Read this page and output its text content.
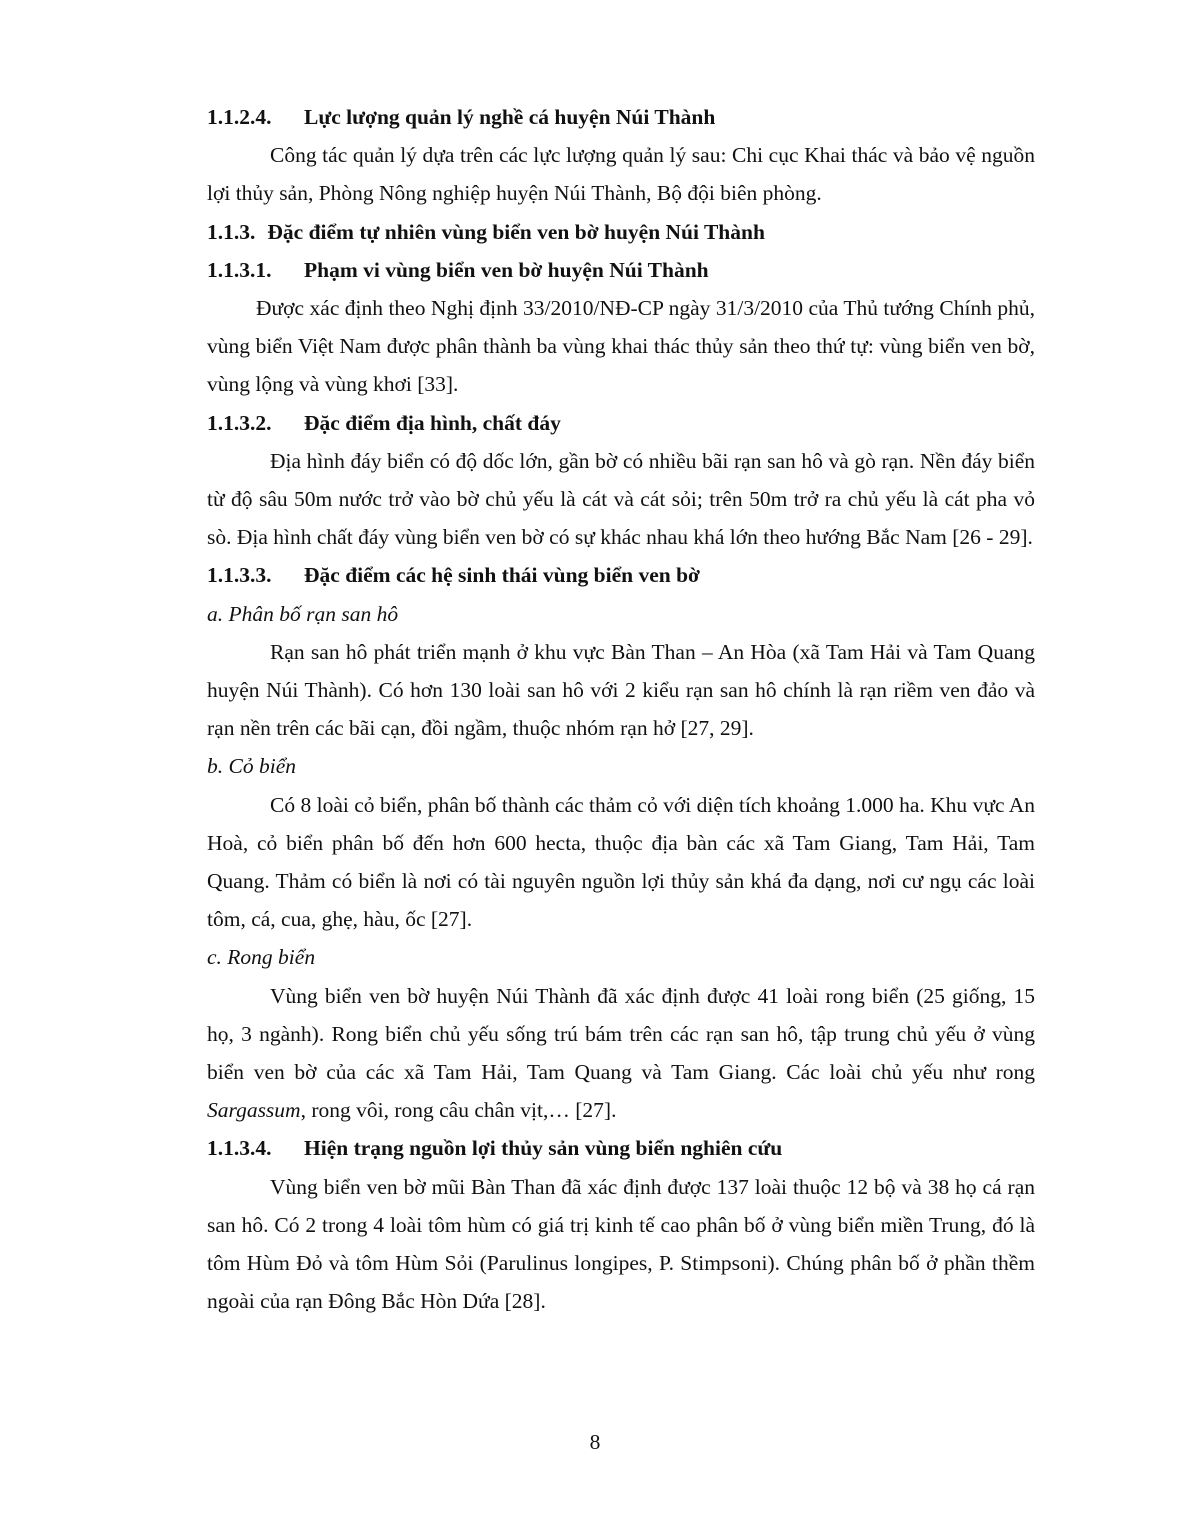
1.1.2.4. Lực lượng quản lý nghề cá huyện Núi Thành

Công tác quản lý dựa trên các lực lượng quản lý sau: Chi cục Khai thác và bảo vệ nguồn lợi thủy sản, Phòng Nông nghiệp huyện Núi Thành, Bộ đội biên phòng.

1.1.3. Đặc điểm tự nhiên vùng biển ven bờ huyện Núi Thành

1.1.3.1. Phạm vi vùng biển ven bờ huyện Núi Thành

Được xác định theo Nghị định 33/2010/NĐ-CP ngày 31/3/2010 của Thủ tướng Chính phủ, vùng biển Việt Nam được phân thành ba vùng khai thác thủy sản theo thứ tự: vùng biển ven bờ, vùng lộng và vùng khơi [33].

1.1.3.2. Đặc điểm địa hình, chất đáy

Địa hình đáy biển có độ dốc lớn, gần bờ có nhiều bãi rạn san hô và gò rạn. Nền đáy biển từ độ sâu 50m nước trở vào bờ chủ yếu là cát và cát sỏi; trên 50m trở ra chủ yếu là cát pha vỏ sò. Địa hình chất đáy vùng biển ven bờ có sự khác nhau khá lớn theo hướng Bắc Nam [26 - 29].

1.1.3.3. Đặc điểm các hệ sinh thái vùng biển ven bờ

a. Phân bố rạn san hô

Rạn san hô phát triển mạnh ở khu vực Bàn Than – An Hòa (xã Tam Hải và Tam Quang huyện Núi Thành). Có hơn 130 loài san hô với 2 kiểu rạn san hô chính là rạn riềm ven đảo và rạn nền trên các bãi cạn, đồi ngầm, thuộc nhóm rạn hở [27, 29].

b. Cỏ biển

Có 8 loài cỏ biển, phân bố thành các thảm cỏ với diện tích khoảng 1.000 ha. Khu vực An Hoà, cỏ biển phân bố đến hơn 600 hecta, thuộc địa bàn các xã Tam Giang, Tam Hải, Tam Quang. Thảm có biển là nơi có tài nguyên nguồn lợi thủy sản khá đa dạng, nơi cư ngụ các loài tôm, cá, cua, ghẹ, hàu, ốc [27].

c. Rong biển

Vùng biển ven bờ huyện Núi Thành đã xác định được 41 loài rong biển (25 giống, 15 họ, 3 ngành). Rong biển chủ yếu sống trú bám trên các rạn san hô, tập trung chủ yếu ở vùng biển ven bờ của các xã Tam Hải, Tam Quang và Tam Giang. Các loài chủ yếu như rong Sargassum, rong vôi, rong câu chân vịt,… [27].

1.1.3.4. Hiện trạng nguồn lợi thủy sản vùng biển nghiên cứu

Vùng biển ven bờ mũi Bàn Than đã xác định được 137 loài thuộc 12 bộ và 38 họ cá rạn san hô. Có 2 trong 4 loài tôm hùm có giá trị kinh tế cao phân bố ở vùng biển miền Trung, đó là tôm Hùm Đỏ và tôm Hùm Sỏi (Parulinus longipes, P. Stimpsoni). Chúng phân bố ở phần thềm ngoài của rạn Đông Bắc Hòn Dứa [28].

8
